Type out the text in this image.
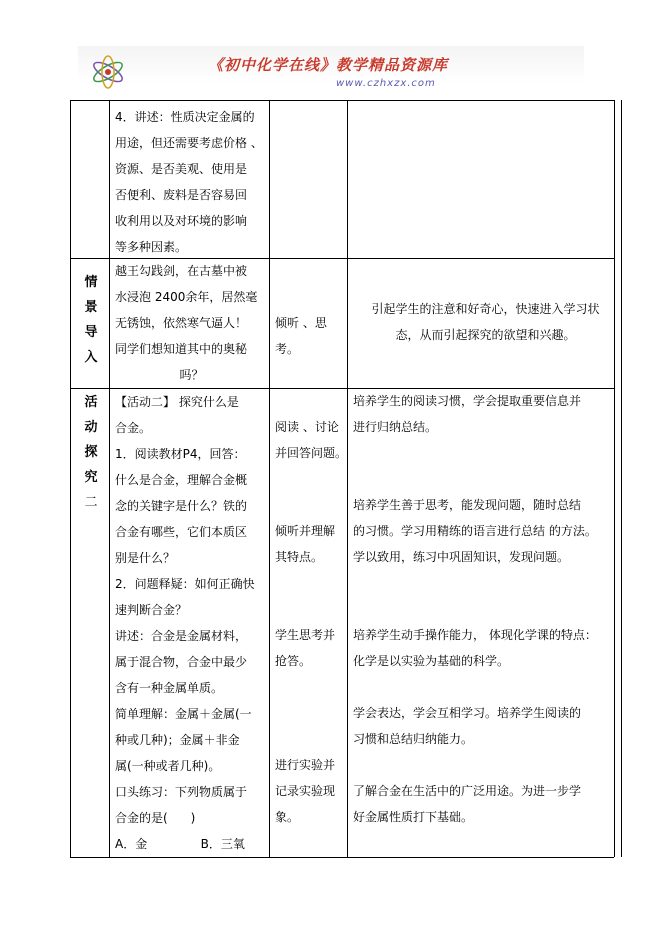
《初中化学在线》教学精品资源库
www.czhxzx.com

4．讲述：性质决定金属的

用途，但还需要考虑价格 、

资源、是否美观、使用是

否便利、废料是否容易回

收利用以及对环境的影响

等多种因素。

情
景
导
入

越王勾践剑，在古墓中被

水浸泡 2400余年，居然毫

无锈蚀，依然寒气逼人！

同学们想知道其中的奥秘

吗？

倾听 、思考。

引起学生的注意和好奇心，快速进入学习状

态，从而引起探究的欲望和兴趣。

活
动
探
究
二

【活动二】 探究什么是

合金。

1．阅读教材P4，回答：

什么是合金，理解合金概

念的关键字是什么？铁的

合金有哪些，它们本质区

别是什么？

2．问题释疑：如何正确快

速判断合金？

讲述：合金是金属材料，

属于混合物，合金中最少

含有一种金属单质。

简单理解：金属＋金属(一

种或几种)；金属＋非金

属(一种或者几种)。

口头练习：下列物质属于

合金的是(      )

A．金              B．三氧

阅读 、讨论

并回答问题。

倾听并理解

其特点。

学生思考并

抢答。

进行实验并

记录实验现

象。

培养学生的阅读习惯，学会提取重要信息并

进行归纳总结。

培养学生善于思考，能发现问题，随时总结

的习惯。学习用精练的语言进行总结 的方法。

学以致用，练习中巩固知识，发现问题。

培养学生动手操作能力， 体现化学课的特点：

化学是以实验为基础的科学。

学会表达，学会互相学习。培养学生阅读的

习惯和总结归纳能力。

了解合金在生活中的广泛用途。为进一步学

好金属性质打下基础。
